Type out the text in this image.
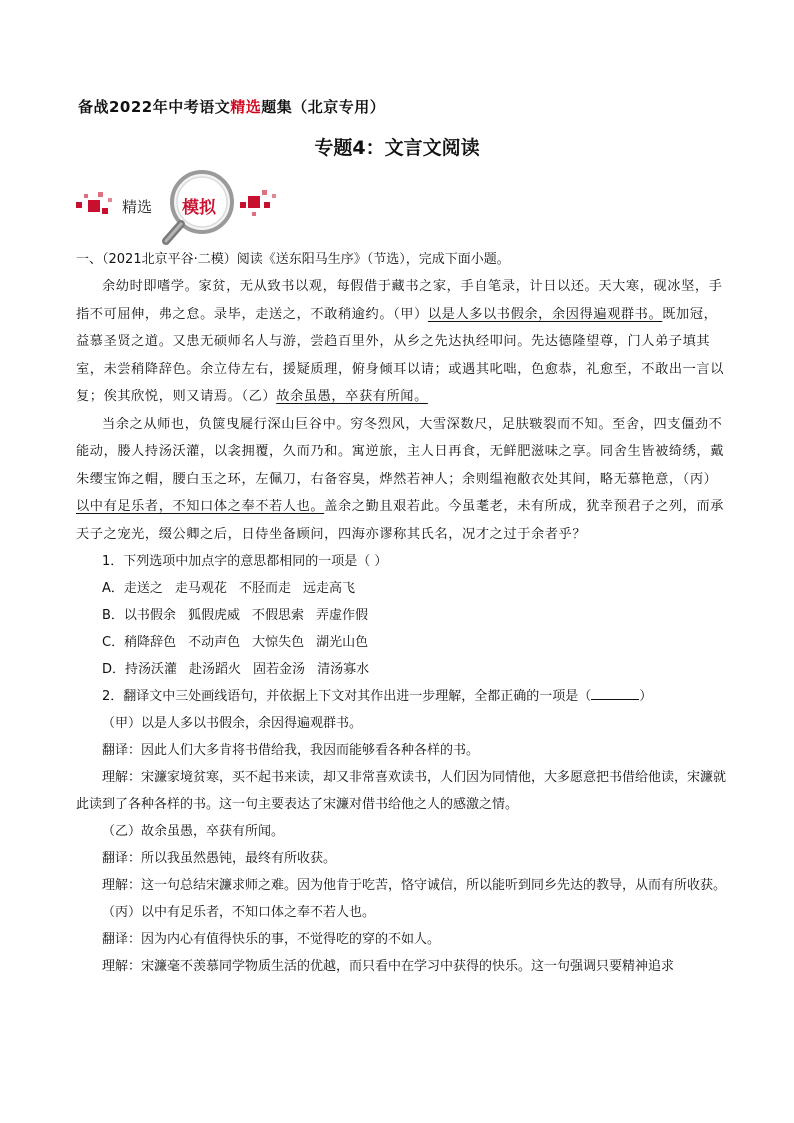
备战2022年中考语文精选题集（北京专用）
专题4：文言文阅读
精选 模拟

一、（2021北京平谷·二模）阅读《送东阳马生序》（节选），完成下面小题。

余幼时即嗜学。家贫，无从致书以观，每假借于藏书之家，手自笔录，计日以还。天大寒，砚冰坚，手指不可屈伸，弗之怠。录毕，走送之，不敢稍逾约。（甲）以是人多以书假余，余因得遍观群书。既加冠，益慕圣贤之道。又患无硕师名人与游，尝趋百里外，从乡之先达执经叩问。先达德隆望尊，门人弟子填其室，未尝稍降辞色。余立侍左右，援疑质理，俯身倾耳以请；或遇其叱咄，色愈恭，礼愈至，不敢出一言以复；俟其欣悦，则又请焉。（乙）故余虽愚，卒获有所闻。

当余之从师也，负箧曳屣行深山巨谷中。穷冬烈风，大雪深数尺，足肤皲裂而不知。至舍，四支僵劲不能动，媵人持汤沃灌，以衾拥覆，久而乃和。寓逆旅，主人日再食，无鲜肥滋味之享。同舍生皆被绮绣，戴朱缨宝饰之帽，腰白玉之环，左佩刀，右备容臭，烨然若神人；余则缊袍敝衣处其间，略无慕艳意，（丙）以中有足乐者，不知口体之奉不若人也。盖余之勤且艰若此。今虽耄老，未有所成，犹幸预君子之列，而承天子之宠光，缀公卿之后，日侍坐备顾问，四海亦谬称其氏名，况才之过于余者乎？

1．下列选项中加点字的意思都相同的一项是（ ）

A．走送之 走马观花 不胫而走 远走高飞

B．以书假余 狐假虎威 不假思索 弄虚作假

C．稍降辞色 不动声色 大惊失色 湖光山色

D．持汤沃灌 赴汤蹈火 固若金汤 清汤寡水

2．翻译文中三处画线语句，并依据上下文对其作出进一步理解，全都正确的一项是（	）

（甲）以是人多以书假余，余因得遍观群书。

翻译：因此人们大多肯将书借给我，我因而能够看各种各样的书。

理解：宋濂家境贫寒，买不起书来读，却又非常喜欢读书，人们因为同情他，大多愿意把书借给他读，宋濂就此读到了各种各样的书。这一句主要表达了宋濂对借书给他之人的感激之情。

（乙）故余虽愚，卒获有所闻。

翻译：所以我虽然愚钝，最终有所收获。

理解：这一句总结宋濂求师之难。因为他肯于吃苦，恪守诚信，所以能听到同乡先达的教导，从而有所收获。

（丙）以中有足乐者，不知口体之奉不若人也。

翻译：因为内心有值得快乐的事，不觉得吃的穿的不如人。

理解：宋濂毫不羡慕同学物质生活的优越，而只看中在学习中获得的快乐。这一句强调只要精神追求
